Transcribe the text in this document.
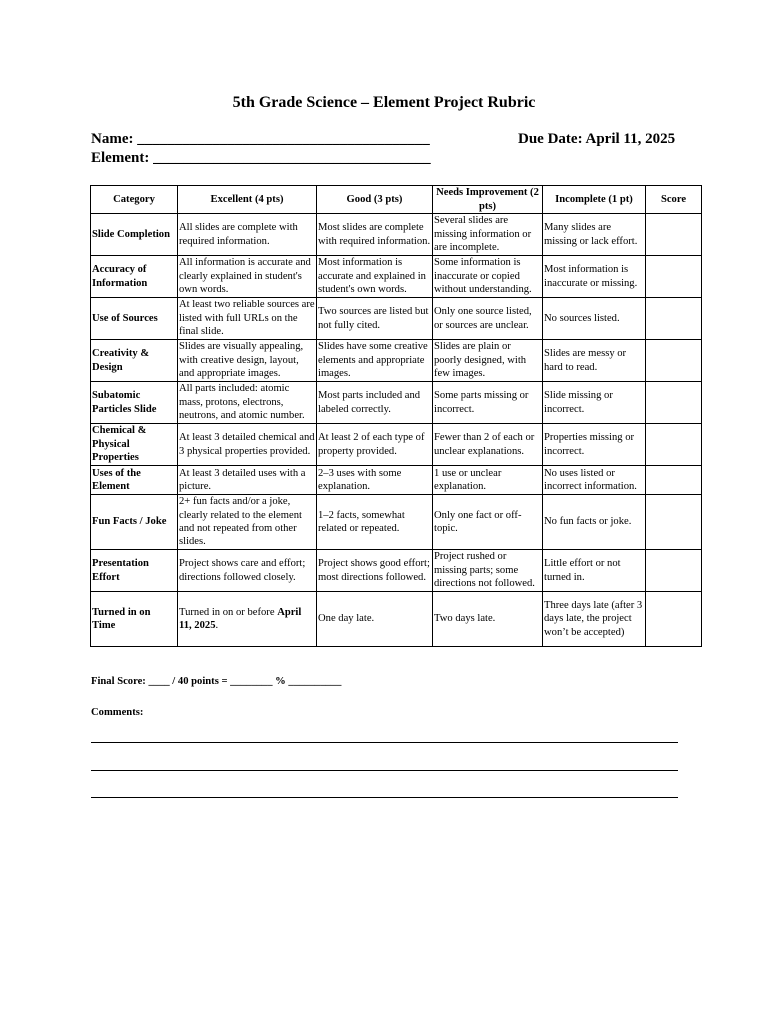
5th Grade Science – Element Project Rubric
Name: _______________________________________
Element: _____________________________________
Due Date: April 11, 2025
Category	Excellent (4 pts)	Good (3 pts)	Needs Improvement (2 pts)	Incomplete (1 pt)	Score
Slide Completion	All slides are complete with required information.	Most slides are complete with required information.	Several slides are missing information or are incomplete.	Many slides are missing or lack effort.	
Accuracy of Information	All information is accurate and clearly explained in student's own words.	Most information is accurate and explained in student's own words.	Some information is inaccurate or copied without understanding.	Most information is inaccurate or missing.	
Use of Sources	At least two reliable sources are listed with full URLs on the final slide.	Two sources are listed but not fully cited.	Only one source listed, or sources are unclear.	No sources listed.	
Creativity & Design	Slides are visually appealing, with creative design, layout, and appropriate images.	Slides have some creative elements and appropriate images.	Slides are plain or poorly designed, with few images.	Slides are messy or hard to read.	
Subatomic Particles Slide	All parts included: atomic mass, protons, electrons, neutrons, and atomic number.	Most parts included and labeled correctly.	Some parts missing or incorrect.	Slide missing or incorrect.	
Chemical & Physical Properties	At least 3 detailed chemical and 3 physical properties provided.	At least 2 of each type of property provided.	Fewer than 2 of each or unclear explanations.	Properties missing or incorrect.	
Uses of the Element	At least 3 detailed uses with a picture.	2–3 uses with some explanation.	1 use or unclear explanation.	No uses listed or incorrect information.	
Fun Facts / Joke	2+ fun facts and/or a joke, clearly related to the element and not repeated from other slides.	1–2 facts, somewhat related or repeated.	Only one fact or off-topic.	No fun facts or joke.	
Presentation Effort	Project shows care and effort; directions followed closely.	Project shows good effort; most directions followed.	Project rushed or missing parts; some directions not followed.	Little effort or not turned in.	
Turned in on Time	Turned in on or before April 11, 2025.	One day late.	Two days late.	Three days late (after 3 days late, the project won’t be accepted)	
Final Score: ____ / 40 points = ________ % __________
Comments:
